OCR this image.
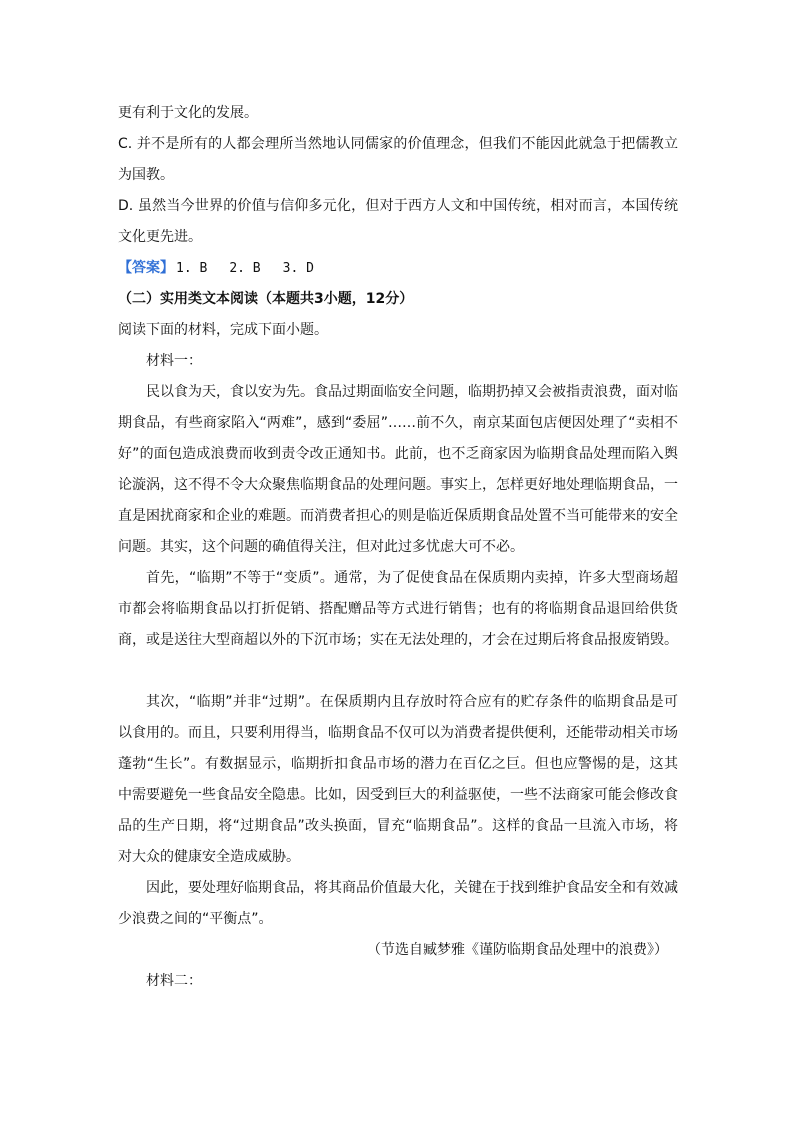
更有利于文化的发展。

C. 并不是所有的人都会理所当然地认同儒家的价值理念，但我们不能因此就急于把儒教立为国教。

D. 虽然当今世界的价值与信仰多元化，但对于西方人文和中国传统，相对而言，本国传统文化更先进。

【答案】 1. B 2. B 3. D

（二）实用类文本阅读（本题共3小题，12分）

阅读下面的材料，完成下面小题。

材料一：

民以食为天，食以安为先。食品过期面临安全问题，临期扔掉又会被指责浪费，面对临期食品，有些商家陷入“两难”，感到“委屈”……前不久，南京某面包店便因处理了“卖相不好”的面包造成浪费而收到责令改正通知书。此前，也不乏商家因为临期食品处理而陷入舆论漩涡，这不得不令大众聚焦临期食品的处理问题。事实上，怎样更好地处理临期食品，一直是困扰商家和企业的难题。而消费者担心的则是临近保质期食品处置不当可能带来的安全问题。其实，这个问题的确值得关注，但对此过多忧虑大可不必。

首先，“临期”不等于“变质”。通常，为了促使食品在保质期内卖掉，许多大型商场超市都会将临期食品以打折促销、搭配赠品等方式进行销售；也有的将临期食品退回给供货商，或是送往大型商超以外的下沉市场；实在无法处理的，才会在过期后将食品报废销毁。

其次，“临期”并非“过期”。在保质期内且存放时符合应有的贮存条件的临期食品是可以食用的。而且，只要利用得当，临期食品不仅可以为消费者提供便利，还能带动相关市场蓬勃“生长”。有数据显示，临期折扣食品市场的潜力在百亿之巨。但也应警惕的是，这其中需要避免一些食品安全隐患。比如，因受到巨大的利益驱使，一些不法商家可能会修改食品的生产日期，将“过期食品”改头换面，冒充“临期食品”。这样的食品一旦流入市场，将对大众的健康安全造成威胁。

因此，要处理好临期食品，将其商品价值最大化，关键在于找到维护食品安全和有效减少浪费之间的“平衡点”。

（节选自臧梦雅《谨防临期食品处理中的浪费》）

材料二：
